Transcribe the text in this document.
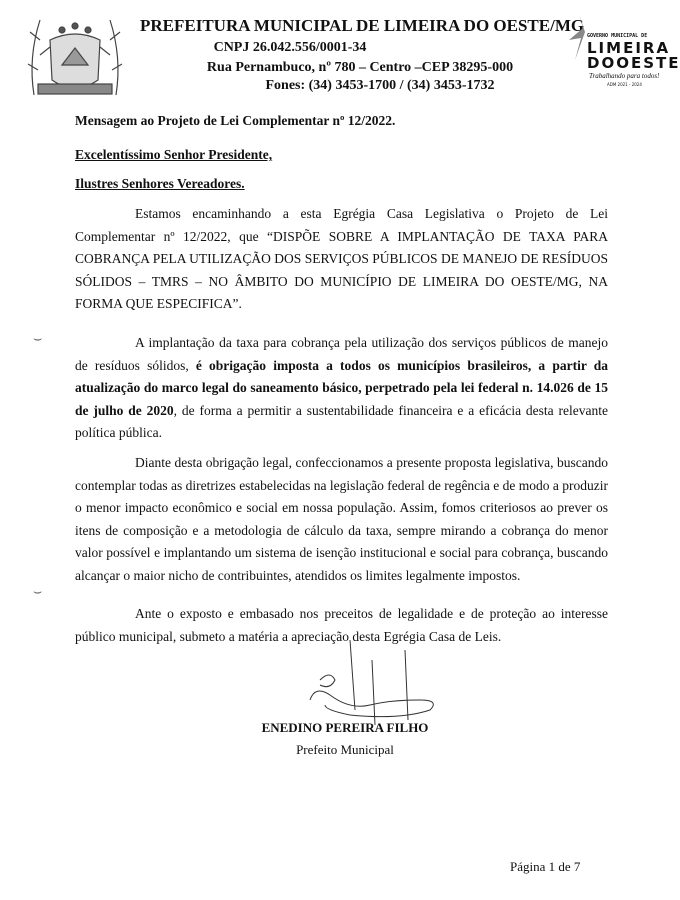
PREFEITURA MUNICIPAL DE LIMEIRA DO OESTE/MG
CNPJ 26.042.556/0001-34
Rua Pernambuco, nº 780 – Centro –CEP 38295-000
Fones: (34) 3453-1700 / (34) 3453-1732
GOVERNO MUNICIPAL DE
LIMEIRA
DOOESTE
Trabalhando para todos!
ADM 2021 - 2024
Mensagem ao Projeto de Lei Complementar nº 12/2022.
Excelentíssimo Senhor Presidente,
Ilustres Senhores Vereadores.
Estamos encaminhando a esta Egrégia Casa Legislativa o Projeto de Lei Complementar nº 12/2022, que “DISPÕE SOBRE A IMPLANTAÇÃO DE TAXA PARA COBRANÇA PELA UTILIZAÇÃO DOS SERVIÇOS PÚBLICOS DE MANEJO DE RESÍDUOS SÓLIDOS – TMRS – NO ÂMBITO DO MUNICÍPIO DE LIMEIRA DO OESTE/MG, NA FORMA QUE ESPECIFICA”.
A implantação da taxa para cobrança pela utilização dos serviços públicos de manejo de resíduos sólidos, é obrigação imposta a todos os municípios brasileiros, a partir da atualização do marco legal do saneamento básico, perpetrado pela lei federal n. 14.026 de 15 de julho de 2020, de forma a permitir a sustentabilidade financeira e a eficácia desta relevante política pública.
Diante desta obrigação legal, confeccionamos a presente proposta legislativa, buscando contemplar todas as diretrizes estabelecidas na legislação federal de regência e de modo a produzir o menor impacto econômico e social em nossa população. Assim, fomos criteriosos ao prever os itens de composição e a metodologia de cálculo da taxa, sempre mirando a cobrança do menor valor possível e implantando um sistema de isenção institucional e social para cobrança, buscando alcançar o maior nicho de contribuintes, atendidos os limites legalmente impostos.
Ante o exposto e embasado nos preceitos de legalidade e de proteção ao interesse público municipal, submeto a matéria a apreciação desta Egrégia Casa de Leis.
⌣
⌣
ENEDINO PEREIRA FILHO
Prefeito Municipal
Página 1 de 7
